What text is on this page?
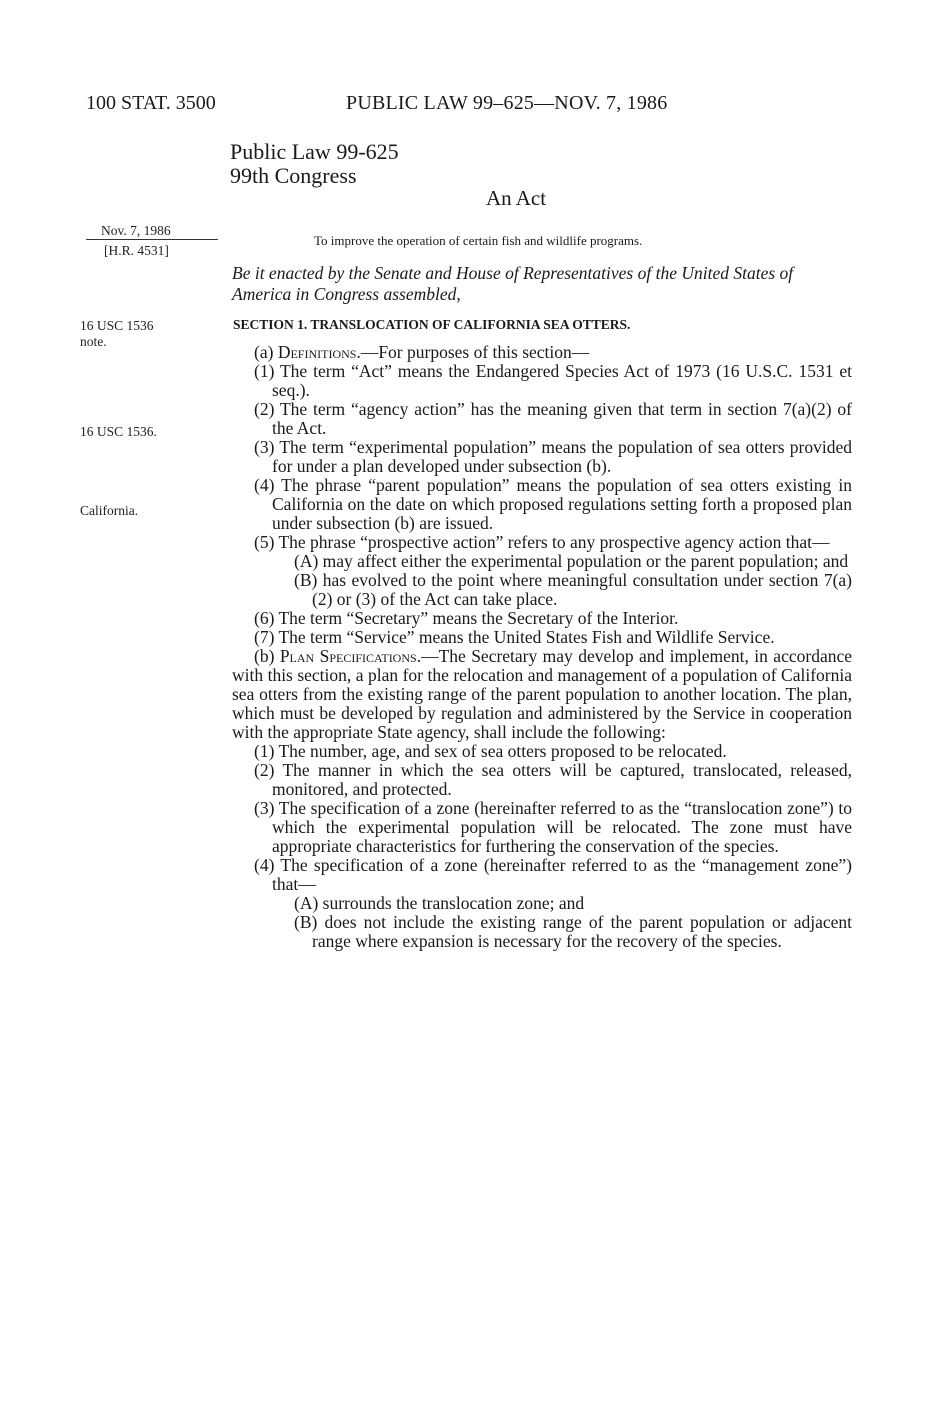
100 STAT. 3500	PUBLIC LAW 99–625—NOV. 7, 1986
Public Law 99-625
99th Congress
An Act
Nov. 7, 1986
[H.R. 4531]
To improve the operation of certain fish and wildlife programs.
Be it enacted by the Senate and House of Representatives of the United States of America in Congress assembled,
16 USC 1536
note.
16 USC 1536.
California.
SECTION 1. TRANSLOCATION OF CALIFORNIA SEA OTTERS.

(a) Definitions.—For purposes of this section—

(1) The term “Act” means the Endangered Species Act of 1973 (16 U.S.C. 1531 et seq.).

(2) The term “agency action” has the meaning given that term in section 7(a)(2) of the Act.

(3) The term “experimental population” means the population of sea otters provided for under a plan developed under subsection (b).

(4) The phrase “parent population” means the population of sea otters existing in California on the date on which proposed regulations setting forth a proposed plan under subsection (b) are issued.

(5) The phrase “prospective action” refers to any prospective agency action that—

(A) may affect either the experimental population or the parent population; and

(B) has evolved to the point where meaningful consultation under section 7(a) (2) or (3) of the Act can take place.

(6) The term “Secretary” means the Secretary of the Interior.

(7) The term “Service” means the United States Fish and Wildlife Service.

(b) Plan Specifications.—The Secretary may develop and implement, in accordance with this section, a plan for the relocation and management of a population of California sea otters from the existing range of the parent population to another location. The plan, which must be developed by regulation and administered by the Service in cooperation with the appropriate State agency, shall include the following:

(1) The number, age, and sex of sea otters proposed to be relocated.

(2) The manner in which the sea otters will be captured, translocated, released, monitored, and protected.

(3) The specification of a zone (hereinafter referred to as the “translocation zone”) to which the experimental population will be relocated. The zone must have appropriate characteristics for furthering the conservation of the species.

(4) The specification of a zone (hereinafter referred to as the “management zone”) that—

(A) surrounds the translocation zone; and

(B) does not include the existing range of the parent population or adjacent range where expansion is necessary for the recovery of the species.
